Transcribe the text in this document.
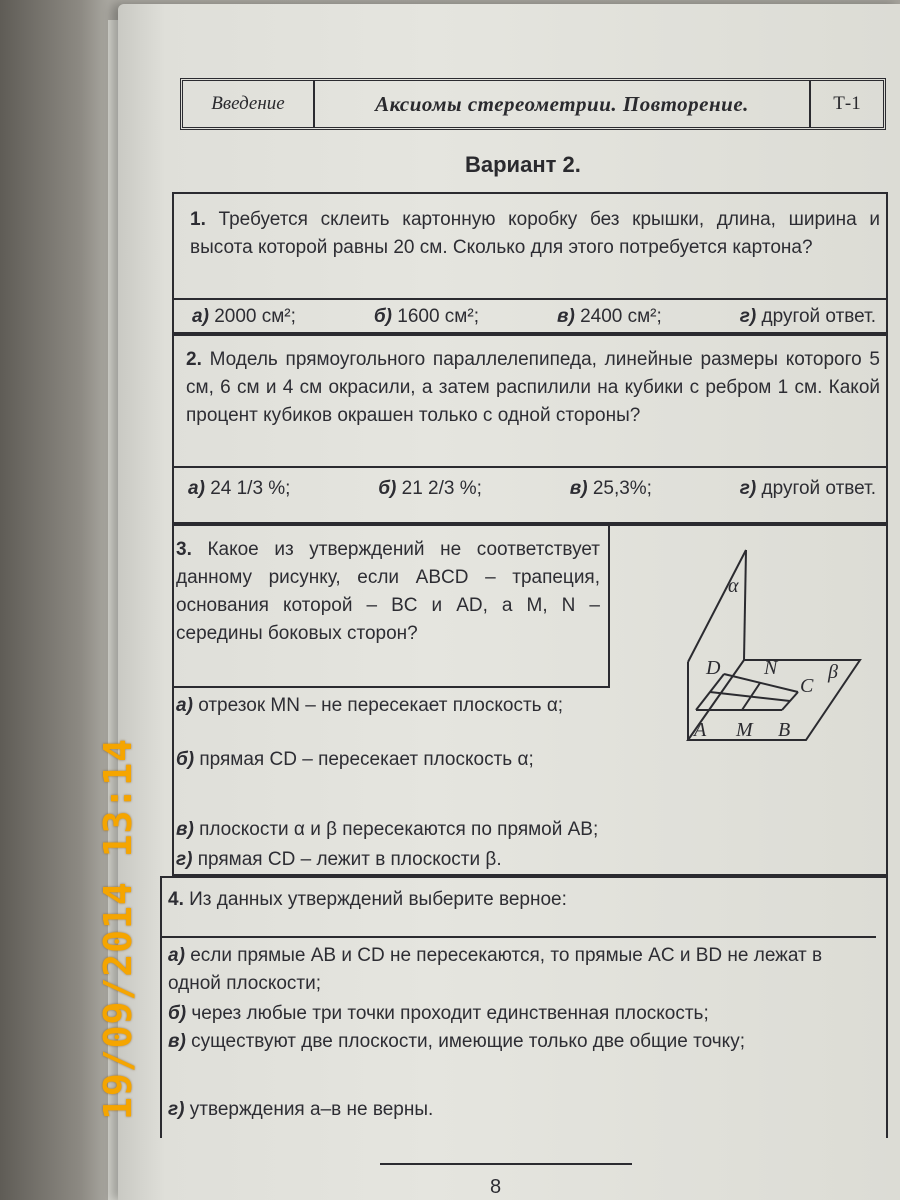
Введение	Аксиомы стереометрии. Повторение.	Т-1
Вариант 2.
1. Требуется склеить картонную коробку без крышки, длина, ширина и высота которой равны 20 см. Сколько для этого потребуется картона?
а) 2000 см²;	б) 1600 см²;	в) 2400 см²;	г) другой ответ.
2. Модель прямоугольного параллелепипеда, линейные размеры которого 5 см, 6 см и 4 см окрасили, а затем распилили на кубики с ребром 1 см. Какой процент кубиков окрашен только с одной стороны?
а) 24 1/3 %;	б) 21 2/3 %;	в) 25,3%;	г) другой ответ.
3. Какое из утверждений не соответствует данному рисунку, если ABCD – трапеция, основания которой – BC и AD, а M, N – середины боковых сторон?
а) отрезок MN – не пересекает плоскость α;
б) прямая CD – пересекает плоскость α;
в) плоскости α и β пересекаются по прямой AB;
г) прямая CD – лежит в плоскости β.
α
D N
C
β
A M B
4. Из данных утверждений выберите верное:
а) если прямые AB и CD не пересекаются, то прямые AC и BD не лежат в одной плоскости;
б) через любые три точки проходит единственная плоскость;
в) существуют две плоскости, имеющие только две общие точку;
г) утверждения а–в не верны.
8
19/09/2014 13:14
